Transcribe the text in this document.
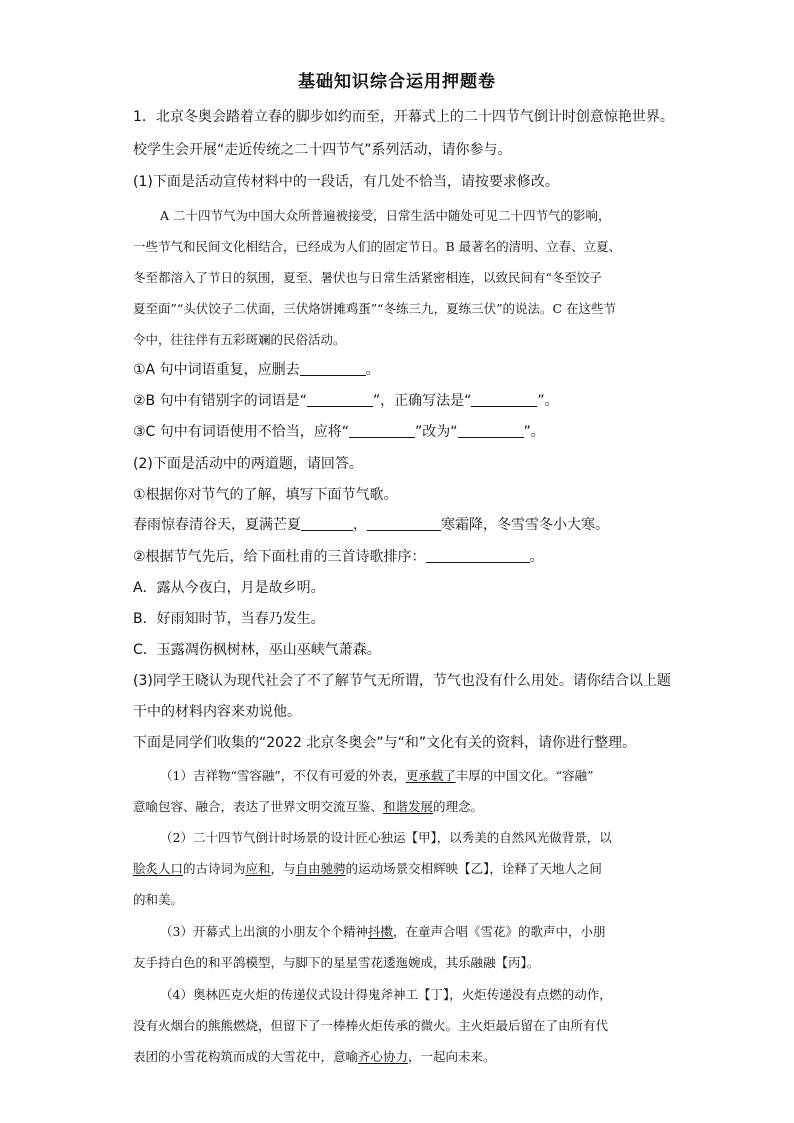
基础知识综合运用押题卷
1．北京冬奥会踏着立春的脚步如约而至，开幕式上的二十四节气倒计时创意惊艳世界。
校学生会开展“走近传统之二十四节气”系列活动，请你参与。
(1)下面是活动宣传材料中的一段话，有几处不恰当，请按要求修改。
A 二十四节气为中国大众所普遍被接受，日常生活中随处可见二十四节气的影响，
一些节气和民间文化相结合，已经成为人们的固定节日。B 最著名的清明、立春、立夏、
冬至都溶入了节日的氛围，夏至、暑伏也与日常生活紧密相连，以致民间有“冬至饺子
夏至面”“头伏饺子二伏面，三伏烙饼摊鸡蛋”“冬练三九，夏练三伏”的说法。C 在这些节
令中，往往伴有五彩斑斓的民俗活动。
①A 句中词语重复，应删去	。
②B 句中有错别字的词语是“	”，正确写法是“	”。
③C 句中有词语使用不恰当，应将“	”改为“	”。
(2)下面是活动中的两道题，请回答。
①根据你对节气的了解，填写下面节气歌。
春雨惊春清谷天，夏满芒夏	，	寒霜降，冬雪雪冬小大寒。
②根据节气先后，给下面杜甫的三首诗歌排序：	。
A．露从今夜白，月是故乡明。
B．好雨知时节，当春乃发生。
C．玉露凋伤枫树林，巫山巫峡气萧森。
(3)同学王晓认为现代社会了不了解节气无所谓，节气也没有什么用处。请你结合以上题
干中的材料内容来劝说他。
下面是同学们收集的“2022 北京冬奥会”与“和”文化有关的资料，请你进行整理。
（1）吉祥物“雪容融”，不仅有可爱的外表，更承载了丰厚的中国文化。“容融”
意喻包容、融合，表达了世界文明交流互鉴、和谐发展的理念。
（2）二十四节气倒计时场景的设计匠心独运【甲】，以秀美的自然风光做背景，以
脍炙人口的古诗词为应和，与自由驰骋的运动场景交相辉映【乙】，诠释了天地人之间
的和美。
（3）开幕式上出演的小朋友个个精神抖擞，在童声合唱《雪花》的歌声中，小朋
友手持白色的和平鸽模型，与脚下的星星雪花逶迤婉成，其乐融融【丙】。
（4）奥林匹克火炬的传递仪式设计得鬼斧神工【丁】，火炬传递没有点燃的动作，
没有火烟台的熊熊燃烧，但留下了一棒棒火炬传承的微火。主火炬最后留在了由所有代
表团的小雪花构筑而成的大雪花中，意喻齐心协力，一起向未来。
